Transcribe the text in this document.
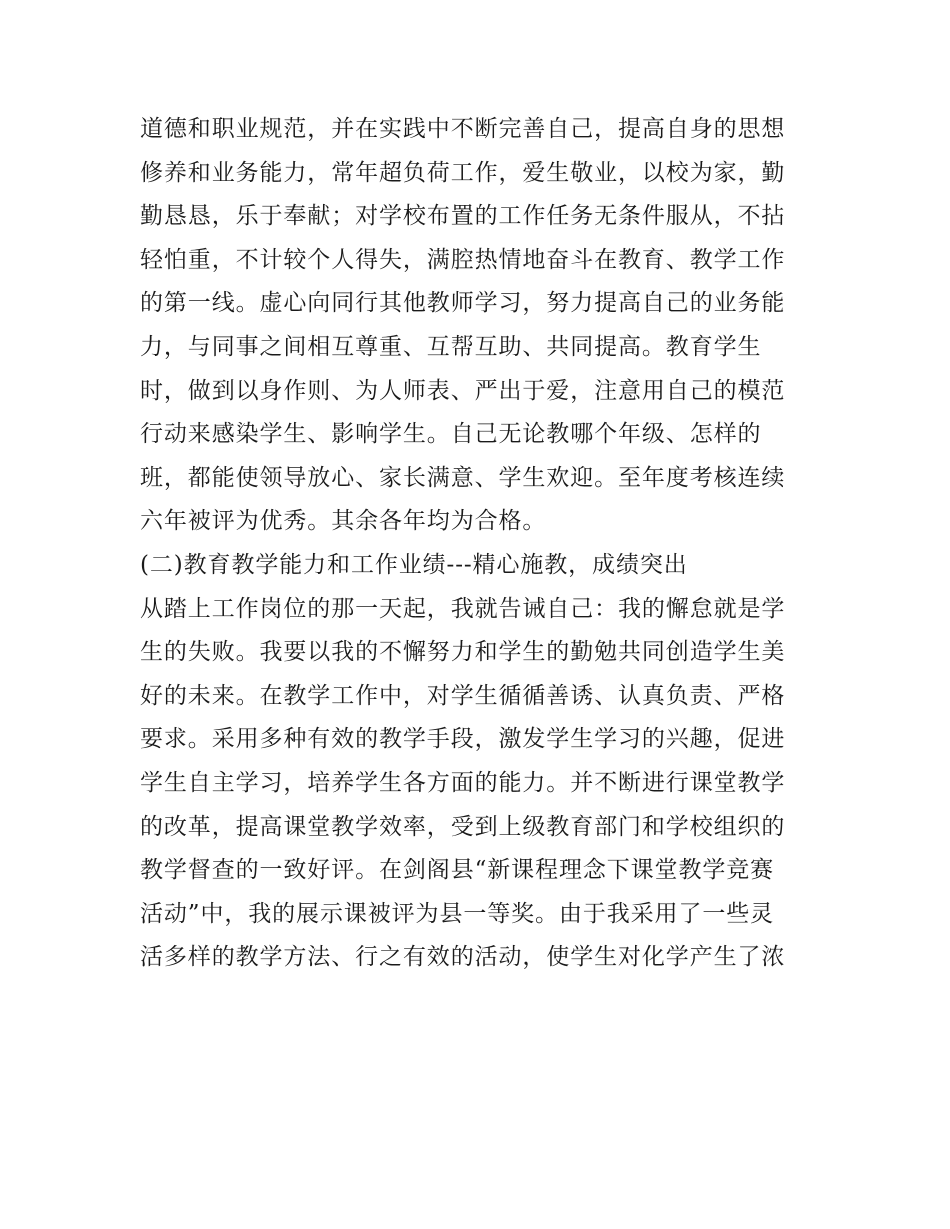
道德和职业规范，并在实践中不断完善自己，提高自身的思想
修养和业务能力，常年超负荷工作，爱生敬业，以校为家，勤
勤恳恳，乐于奉献；对学校布置的工作任务无条件服从，不拈
轻怕重，不计较个人得失，满腔热情地奋斗在教育、教学工作
的第一线。虚心向同行其他教师学习，努力提高自己的业务能
力，与同事之间相互尊重、互帮互助、共同提高。教育学生
时，做到以身作则、为人师表、严出于爱，注意用自己的模范
行动来感染学生、影响学生。自己无论教哪个年级、怎样的
班，都能使领导放心、家长满意、学生欢迎。至年度考核连续
六年被评为优秀。其余各年均为合格。
(二)教育教学能力和工作业绩---精心施教，成绩突出
从踏上工作岗位的那一天起，我就告诫自己：我的懈怠就是学
生的失败。我要以我的不懈努力和学生的勤勉共同创造学生美
好的未来。在教学工作中，对学生循循善诱、认真负责、严格
要求。采用多种有效的教学手段，激发学生学习的兴趣，促进
学生自主学习，培养学生各方面的能力。并不断进行课堂教学
的改革，提高课堂教学效率，受到上级教育部门和学校组织的
教学督查的一致好评。在剑阁县“新课程理念下课堂教学竞赛
活动”中，我的展示课被评为县一等奖。由于我采用了一些灵
活多样的教学方法、行之有效的活动，使学生对化学产生了浓
